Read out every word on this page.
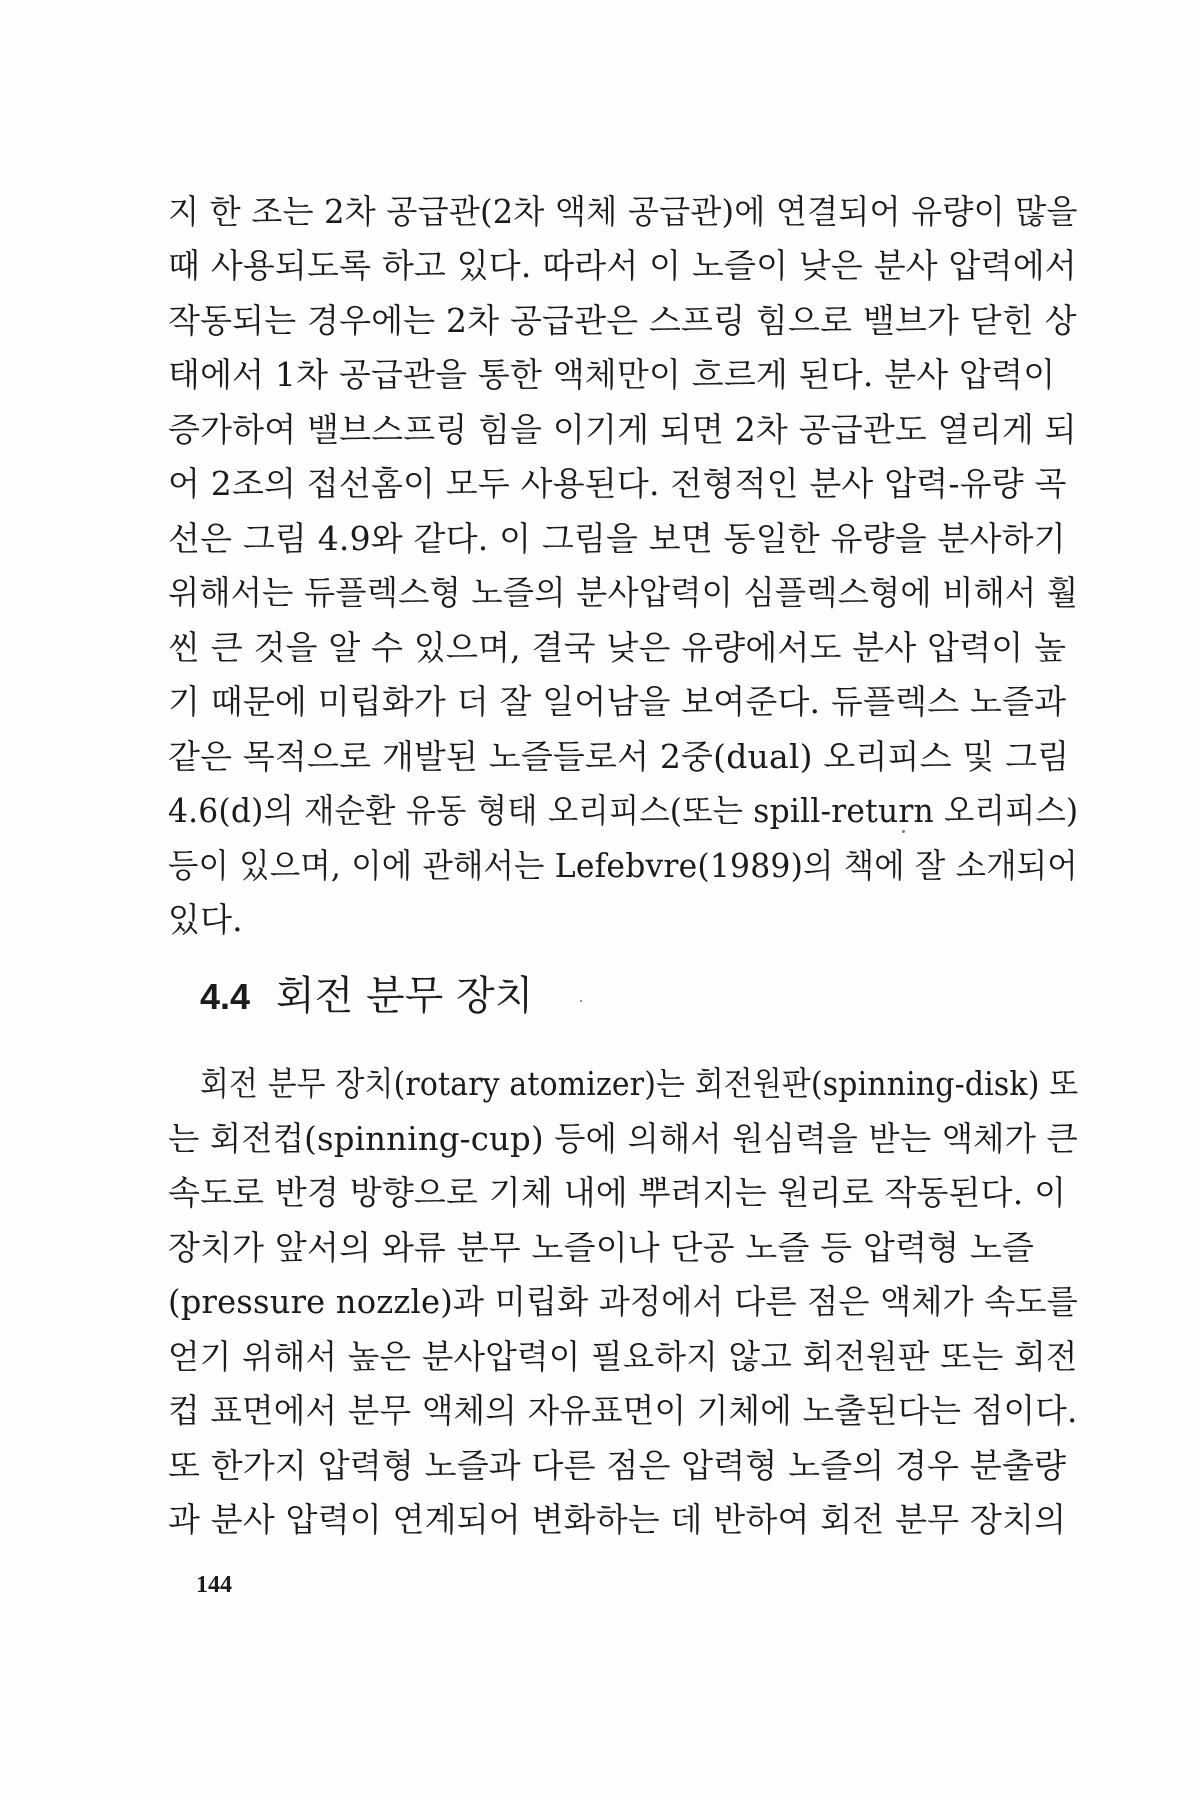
지 한 조는 2차 공급관(2차 액체 공급관)에 연결되어 유량이 많을
때 사용되도록 하고 있다. 따라서 이 노즐이 낮은 분사 압력에서
작동되는 경우에는 2차 공급관은 스프링 힘으로 밸브가 닫힌 상
태에서 1차 공급관을 통한 액체만이 흐르게 된다. 분사 압력이
증가하여 밸브스프링 힘을 이기게 되면 2차 공급관도 열리게 되
어 2조의 접선홈이 모두 사용된다. 전형적인 분사 압력-유량 곡
선은 그림 4.9와 같다. 이 그림을 보면 동일한 유량을 분사하기
위해서는 듀플렉스형 노즐의 분사압력이 심플렉스형에 비해서 훨
씬 큰 것을 알 수 있으며, 결국 낮은 유량에서도 분사 압력이 높
기 때문에 미립화가 더 잘 일어남을 보여준다. 듀플렉스 노즐과
같은 목적으로 개발된 노즐들로서 2중(dual) 오리피스 및 그림
4.6(d)의 재순환 유동 형태 오리피스(또는 spill-return 오리피스)
등이 있으며, 이에 관해서는 Lefebvre(1989)의 책에 잘 소개되어
있다.
4.4 회전 분무 장치
회전 분무 장치(rotary atomizer)는 회전원판(spinning-disk) 또
는 회전컵(spinning-cup) 등에 의해서 원심력을 받는 액체가 큰
속도로 반경 방향으로 기체 내에 뿌려지는 원리로 작동된다. 이
장치가 앞서의 와류 분무 노즐이나 단공 노즐 등 압력형 노즐
(pressure nozzle)과 미립화 과정에서 다른 점은 액체가 속도를
얻기 위해서 높은 분사압력이 필요하지 않고 회전원판 또는 회전
컵 표면에서 분무 액체의 자유표면이 기체에 노출된다는 점이다.
또 한가지 압력형 노즐과 다른 점은 압력형 노즐의 경우 분출량
과 분사 압력이 연계되어 변화하는 데 반하여 회전 분무 장치의
144
